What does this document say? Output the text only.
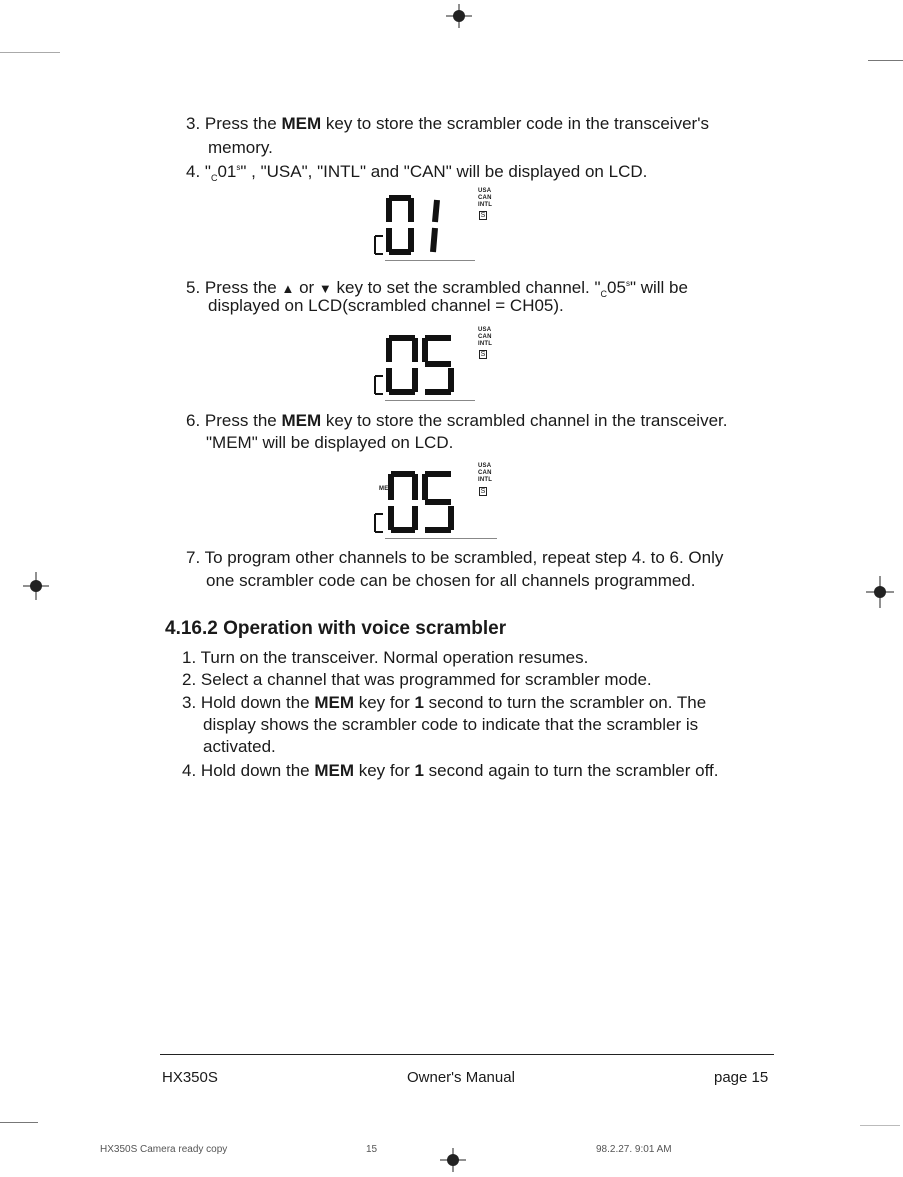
3. Press the MEM key to store the scrambler code in the transceiver's
memory.
4. "$_C01^s$" , "USA", "INTL" and "CAN" will be displayed on LCD.
USA
CAN
INTL
S
5. Press the ▲ or ▼ key to set the scrambled channel. "$_C05^s$" will be
displayed on LCD(scrambled channel = CH05).
USA
CAN
INTL
S
6. Press the MEM key to store the scrambled channel in the transceiver.
"MEM" will be displayed on LCD.
MEM
USA
CAN
INTL
S
7. To program other channels to be scrambled, repeat step 4. to 6. Only
one scrambler code can be chosen for all channels programmed.
4.16.2 Operation with voice scrambler
1. Turn on the transceiver. Normal operation resumes.
2. Select a channel that was programmed for scrambler mode.
3. Hold down the MEM key for 1 second to turn the scrambler on. The
display shows the scrambler code to indicate that the scrambler is
activated.
4. Hold down the MEM key for 1 second again to turn the scrambler off.
HX350S	Owner's Manual	page 15
HX350S Camera ready copy	15	98.2.27. 9:01 AM
